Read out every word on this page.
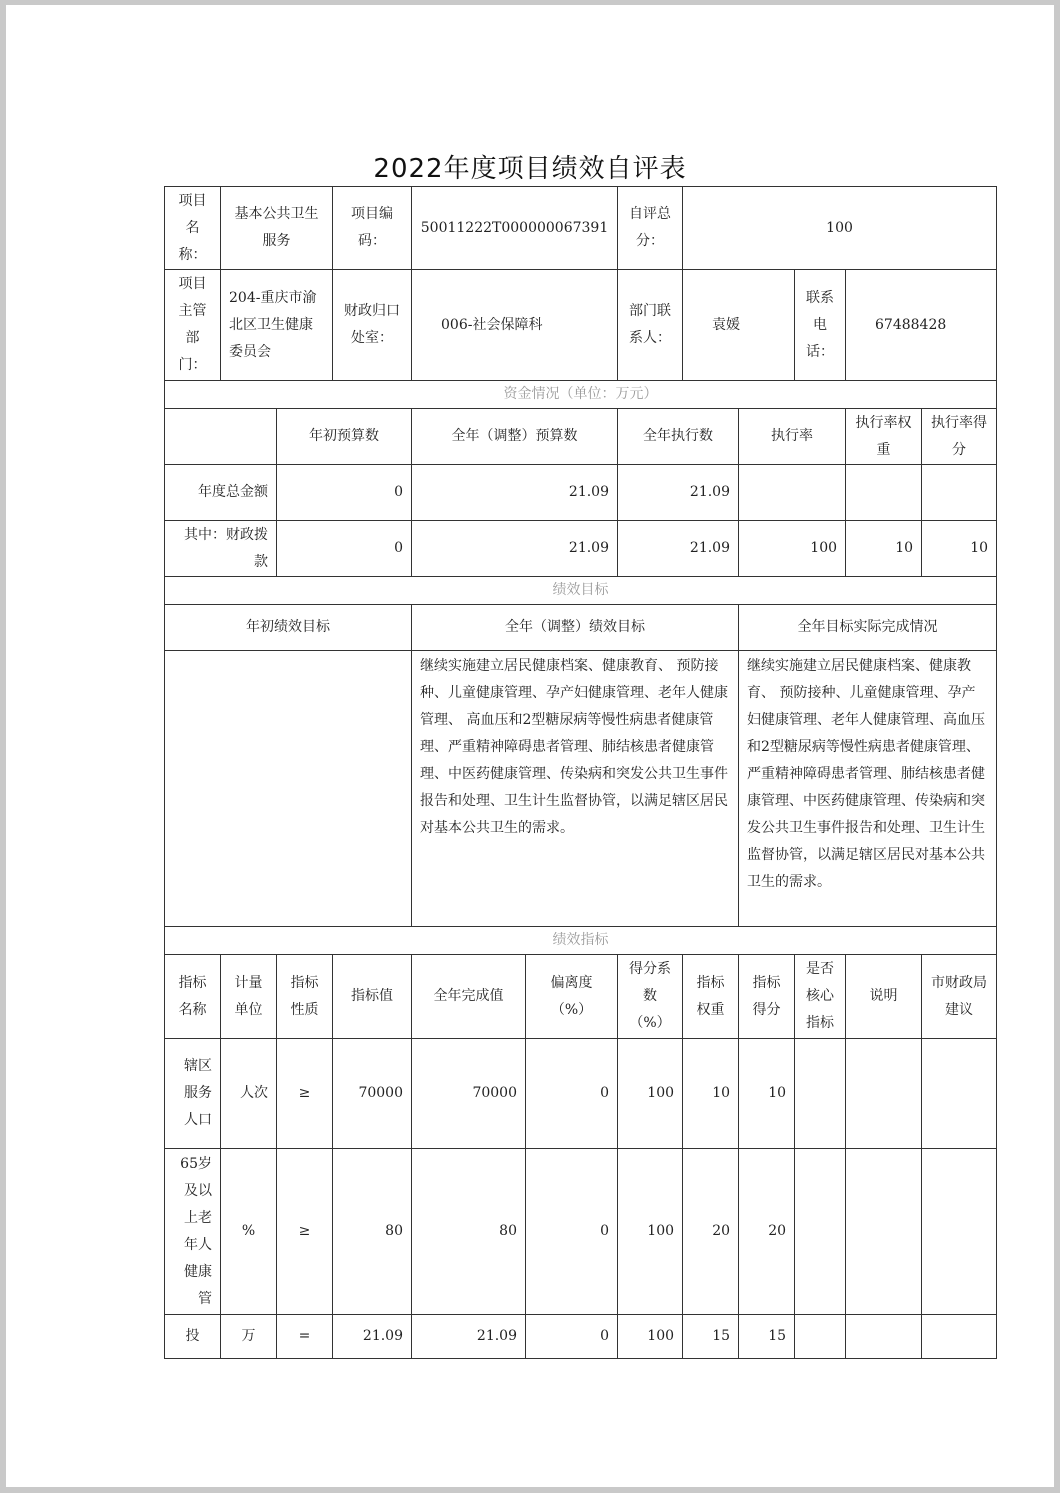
2022年度项目绩效自评表
项目名称：	基本公共卫生服务		项目编码：	50011222T000000067391		自评总分：	100				
项目主管部门：	204-重庆市渝北区卫生健康委员会		财政归口处室：	006-社会保障科		部门联系人：	袁媛		联系电话：	67488428	
资金情况（单位：万元）											
		年初预算数		全年（调整）预算数		全年执行数		执行率		执行率权重	执行率得分
年度总金额		0		21.09		21.09					
其中：财政拨款		0		21.09		21.09		100		10	10
绩效目标											
年初绩效目标				全年（调整）绩效目标				全年目标实际完成情况			
				继续实施建立居民健康档案、健康教育、 预防接种、儿童健康管理、孕产妇健康管理、老年人健康管理、 高血压和2型糖尿病等慢性病患者健康管理、严重精神障碍患者管理、肺结核患者健康管理、中医药健康管理、传染病和突发公共卫生事件报告和处理、卫生计生监督协管，以满足辖区居民对基本公共卫生的需求。				继续实施建立居民健康档案、健康教育、 预防接种、儿童健康管理、孕产妇健康管理、老年人健康管理、高血压和2型糖尿病等慢性病患者健康管理、严重精神障碍患者管理、肺结核患者健康管理、中医药健康管理、传染病和突发公共卫生事件报告和处理、卫生计生监督协管，以满足辖区居民对基本公共卫生的需求。			
绩效指标											
指标名称	计量单位	指标性质	指标值	全年完成值	偏离度（%）	得分系数（%）	指标权重	指标得分	是否核心指标	说明	市财政局建议
辖区服务人口	人次	≥	70000	70000	0	100	10	10			
65岁及以上老年人健康管	%	≥	80	80	0	100	20	20			
投	万	=	21.09	21.09	0	100	15	15			
